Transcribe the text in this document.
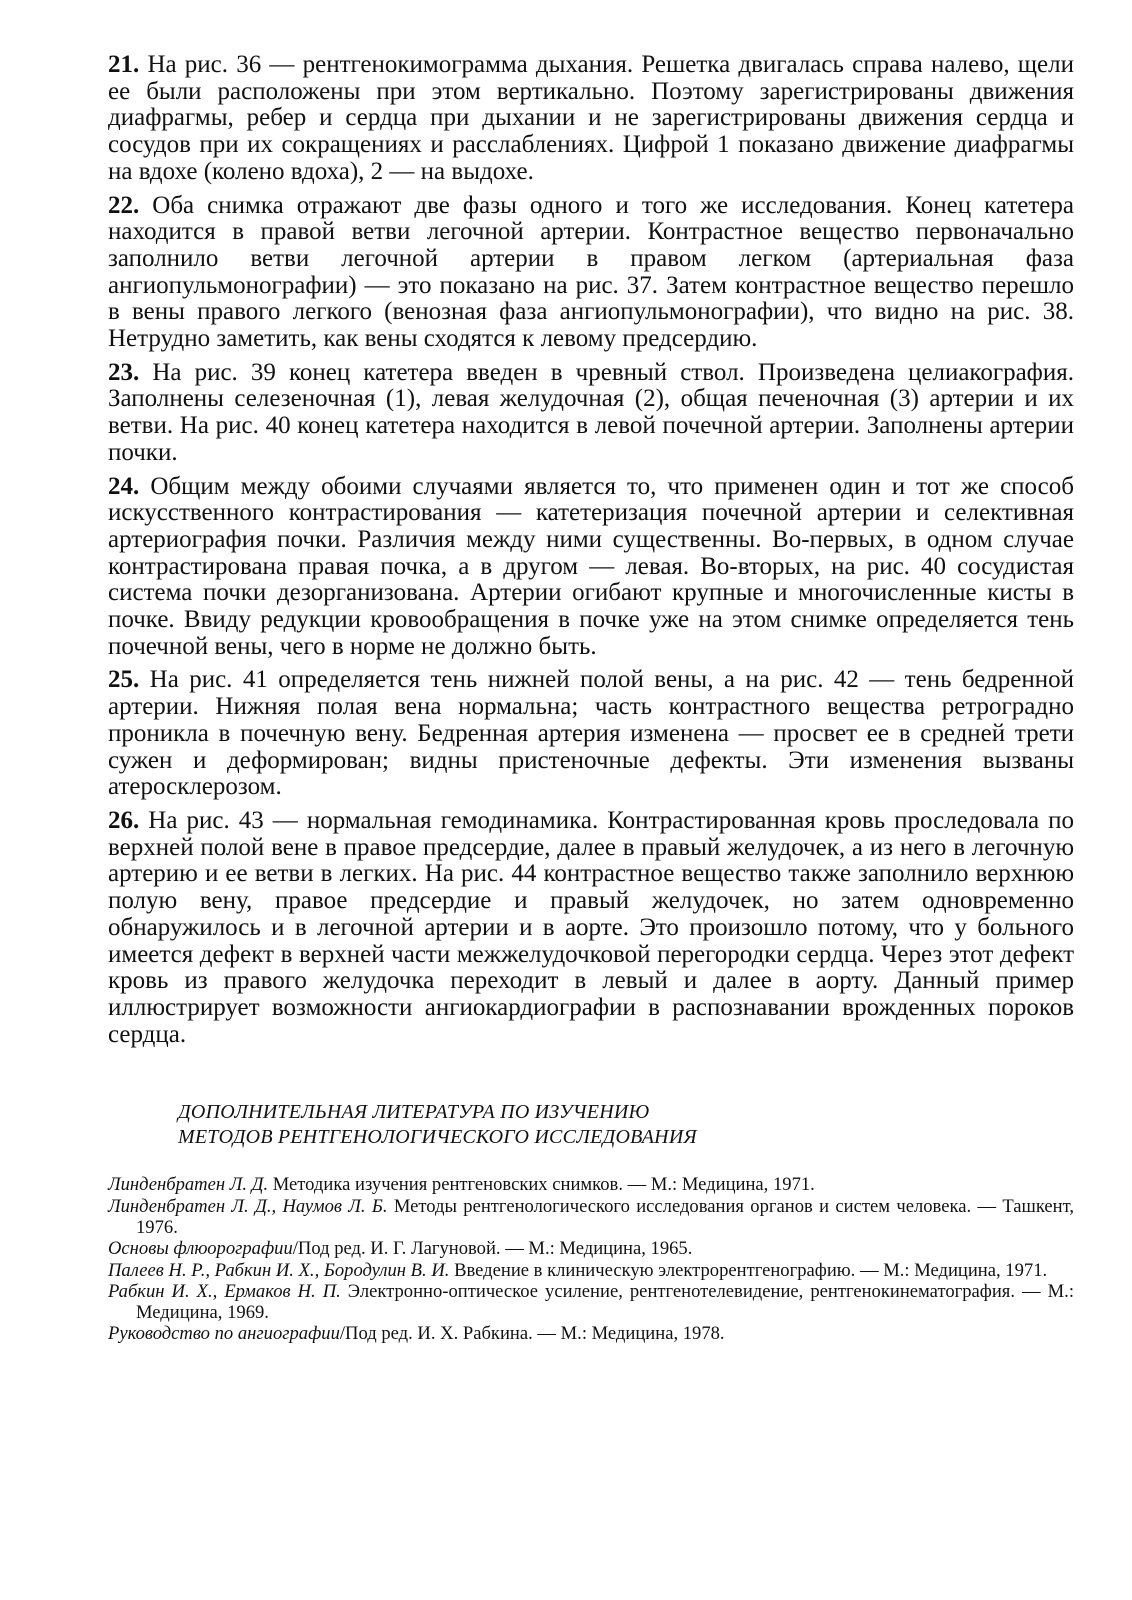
21. На рис. 36 — рентгенокимограмма дыхания. Решетка двигалась справа налево, щели ее были расположены при этом вертикально. Поэтому зарегистрированы движения диафрагмы, ребер и сердца при дыхании и не зарегистрированы движения сердца и сосудов при их сокращениях и расслаблениях. Цифрой 1 показано движение диафрагмы на вдохе (колено вдоха), 2 — на выдохе.

22. Оба снимка отражают две фазы одного и того же исследования. Конец катетера находится в правой ветви легочной артерии. Контрастное вещество первоначально заполнило ветви легочной артерии в правом легком (артериальная фаза ангиопульмонографии) — это показано на рис. 37. Затем контрастное вещество перешло в вены правого легкого (венозная фаза ангиопульмонографии), что видно на рис. 38. Нетрудно заметить, как вены сходятся к левому предсердию.

23. На рис. 39 конец катетера введен в чревный ствол. Произведена целиакография. Заполнены селезеночная (1), левая желудочная (2), общая печеночная (3) артерии и их ветви. На рис. 40 конец катетера находится в левой почечной артерии. Заполнены артерии почки.

24. Общим между обоими случаями является то, что применен один и тот же способ искусственного контрастирования — катетеризация почечной артерии и селективная артериография почки. Различия между ними существенны. Во-первых, в одном случае контрастирована правая почка, а в другом — левая. Во-вторых, на рис. 40 сосудистая система почки дезорганизована. Артерии огибают крупные и многочисленные кисты в почке. Ввиду редукции кровообращения в почке уже на этом снимке определяется тень почечной вены, чего в норме не должно быть.

25. На рис. 41 определяется тень нижней полой вены, а на рис. 42 — тень бедренной артерии. Нижняя полая вена нормальна; часть контрастного вещества ретроградно проникла в почечную вену. Бедренная артерия изменена — просвет ее в средней трети сужен и деформирован; видны пристеночные дефекты. Эти изменения вызваны атеросклерозом.

26. На рис. 43 — нормальная гемодинамика. Контрастированная кровь проследовала по верхней полой вене в правое предсердие, далее в правый желудочек, а из него в легочную артерию и ее ветви в легких. На рис. 44 контрастное вещество также заполнило верхнюю полую вену, правое предсердие и правый желудочек, но затем одновременно обнаружилось и в легочной артерии и в аорте. Это произошло потому, что у больного имеется дефект в верхней части межжелудочковой перегородки сердца. Через этот дефект кровь из правого желудочка переходит в левый и далее в аорту. Данный пример иллюстрирует возможности ангиокардиографии в распознавании врожденных пороков сердца.

ДОПОЛНИТЕЛЬНАЯ ЛИТЕРАТУРА ПО ИЗУЧЕНИЮ
МЕТОДОВ РЕНТГЕНОЛОГИЧЕСКОГО ИССЛЕДОВАНИЯ

Линденбратен Л. Д. Методика изучения рентгеновских снимков. — М.: Медицина, 1971.

Линденбратен Л. Д., Наумов Л. Б. Методы рентгенологического исследования органов и систем человека. — Ташкент, 1976.

Основы флюорографии/Под ред. И. Г. Лагуновой. — М.: Медицина, 1965.

Палеев Н. Р., Рабкин И. Х., Бородулин В. И. Введение в клиническую электрорентгенографию. — М.: Медицина, 1971.

Рабкин И. Х., Ермаков Н. П. Электронно-оптическое усиление, рентгенотелевидение, рентгенокинематография. — М.: Медицина, 1969.

Руководство по ангиографии/Под ред. И. Х. Рабкина. — М.: Медицина, 1978.
